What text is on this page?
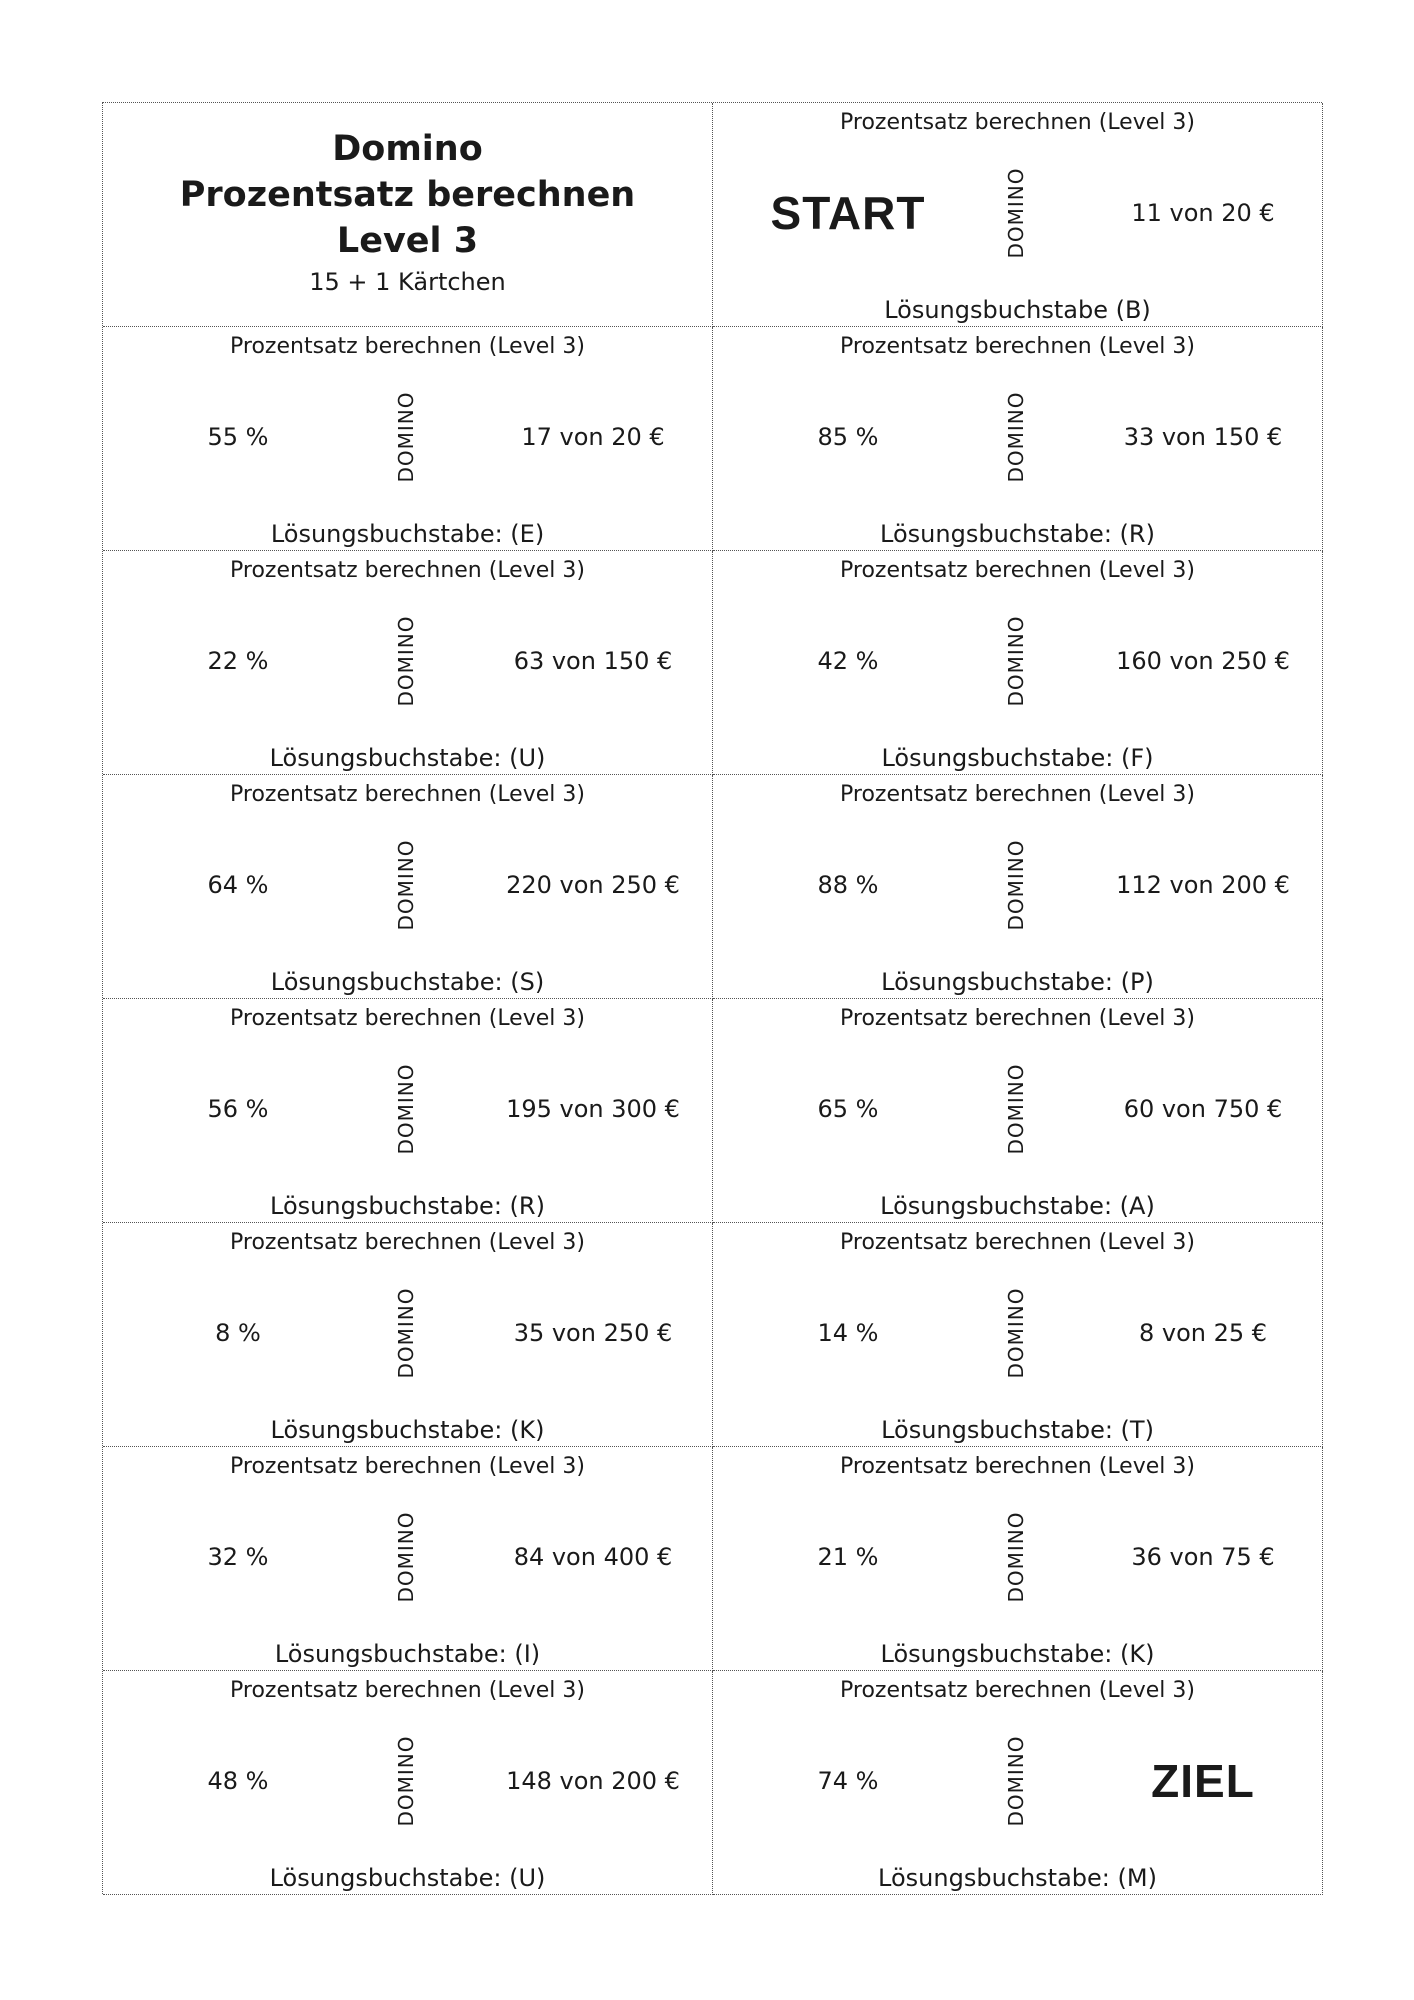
Domino
Prozentsatz berechnen
Level 3
15 + 1 Kärtchen
Prozentsatz berechnen (Level 3)
START	DOMINO	11 von 20 €
Lösungsbuchstabe (B)
Prozentsatz berechnen (Level 3)
55 %	DOMINO	17 von 20 €
Lösungsbuchstabe: (E)
Prozentsatz berechnen (Level 3)
85 %	DOMINO	33 von 150 €
Lösungsbuchstabe: (R)
Prozentsatz berechnen (Level 3)
22 %	DOMINO	63 von 150 €
Lösungsbuchstabe: (U)
Prozentsatz berechnen (Level 3)
42 %	DOMINO	160 von 250 €
Lösungsbuchstabe: (F)
Prozentsatz berechnen (Level 3)
64 %	DOMINO	220 von 250 €
Lösungsbuchstabe: (S)
Prozentsatz berechnen (Level 3)
88 %	DOMINO	112 von 200 €
Lösungsbuchstabe: (P)
Prozentsatz berechnen (Level 3)
56 %	DOMINO	195 von 300 €
Lösungsbuchstabe: (R)
Prozentsatz berechnen (Level 3)
65 %	DOMINO	60 von 750 €
Lösungsbuchstabe: (A)
Prozentsatz berechnen (Level 3)
8 %	DOMINO	35 von 250 €
Lösungsbuchstabe: (K)
Prozentsatz berechnen (Level 3)
14 %	DOMINO	8 von 25 €
Lösungsbuchstabe: (T)
Prozentsatz berechnen (Level 3)
32 %	DOMINO	84 von 400 €
Lösungsbuchstabe: (I)
Prozentsatz berechnen (Level 3)
21 %	DOMINO	36 von 75 €
Lösungsbuchstabe: (K)
Prozentsatz berechnen (Level 3)
48 %	DOMINO	148 von 200 €
Lösungsbuchstabe: (U)
Prozentsatz berechnen (Level 3)
74 %	DOMINO	ZIEL
Lösungsbuchstabe: (M)
